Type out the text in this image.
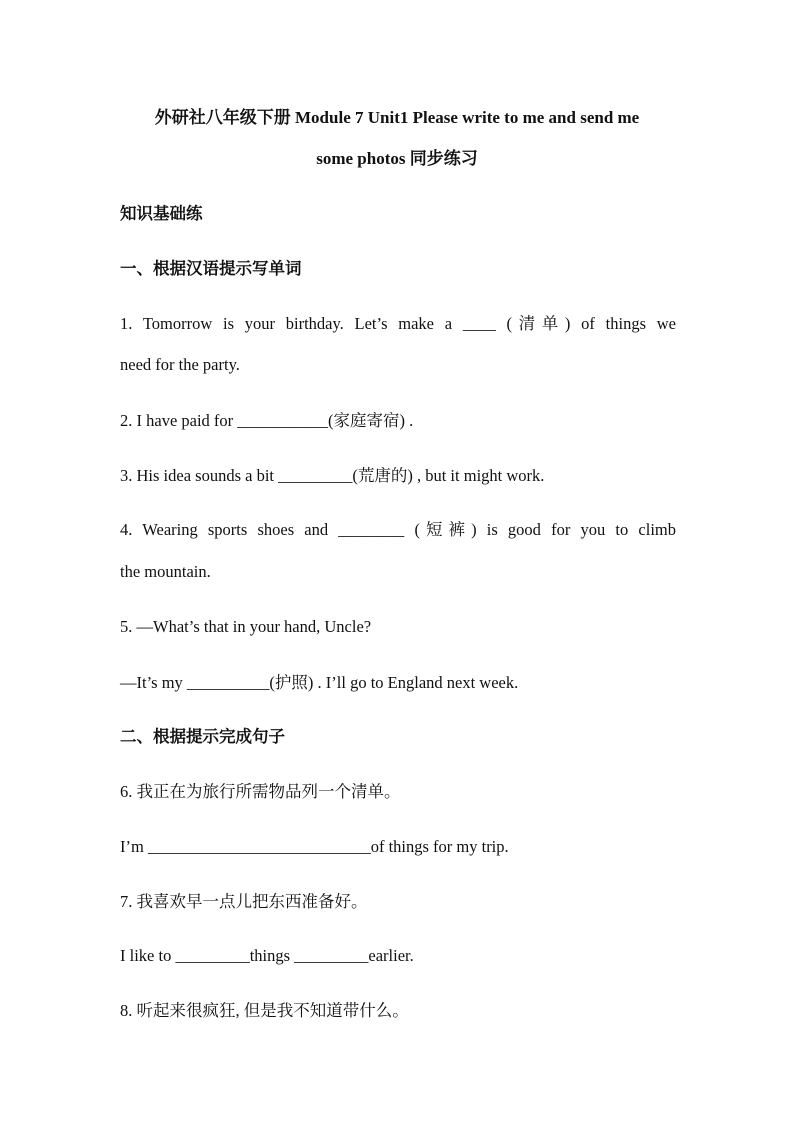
外研社八年级下册 Module 7 Unit1 Please write to me and send me
some photos 同步练习
知识基础练
一、根据汉语提示写单词
1. Tomorrow is your birthday. Let’s make a ____ (清单) of things we
need for the party.
2. I have paid for ___________(家庭寄宿) .
3. His idea sounds a bit _________(荒唐的) , but it might work.
4. Wearing sports shoes and ________ (短裤) is good for you to climb
the mountain.
5. —What’s that in your hand, Uncle?
—It’s my __________(护照) . I’ll go to England next week.
二、根据提示完成句子
6. 我正在为旅行所需物品列一个清单。
I’m ___________________________of things for my trip.
7. 我喜欢早一点儿把东西准备好。
I like to _________things _________earlier.
8. 听起来很疯狂, 但是我不知道带什么。
